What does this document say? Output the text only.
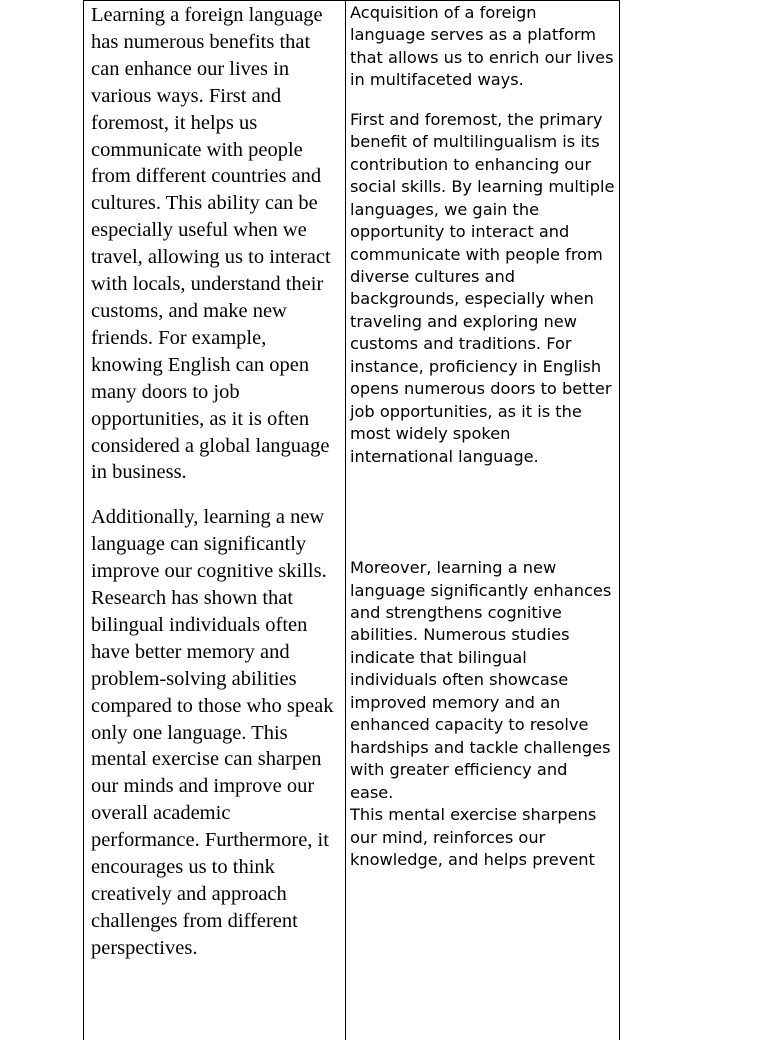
Learning a foreign language has numerous benefits that can enhance our lives in various ways. First and foremost, it helps us communicate with people from different countries and cultures. This ability can be especially useful when we travel, allowing us to interact with locals, understand their customs, and make new friends. For example, knowing English can open many doors to job opportunities, as it is often considered a global language in business.

Additionally, learning a new language can significantly improve our cognitive skills. Research has shown that bilingual individuals often have better memory and problem-solving abilities compared to those who speak only one language. This mental exercise can sharpen our minds and improve our overall academic performance. Furthermore, it encourages us to think creatively and approach challenges from different perspectives.

Acquisition of a foreign language serves as a platform that allows us to enrich our lives in multifaceted ways.

First and foremost, the primary benefit of multilingualism is its contribution to enhancing our social skills. By learning multiple languages, we gain the opportunity to interact and communicate with people from diverse cultures and backgrounds, especially when traveling and exploring new customs and traditions. For instance, proficiency in English opens numerous doors to better job opportunities, as it is the most widely spoken international language.

Moreover, learning a new language significantly enhances and strengthens cognitive abilities. Numerous studies indicate that bilingual individuals often showcase improved memory and an enhanced capacity to resolve hardships and tackle challenges with greater efficiency and ease.
This mental exercise sharpens our mind, reinforces our knowledge, and helps prevent
